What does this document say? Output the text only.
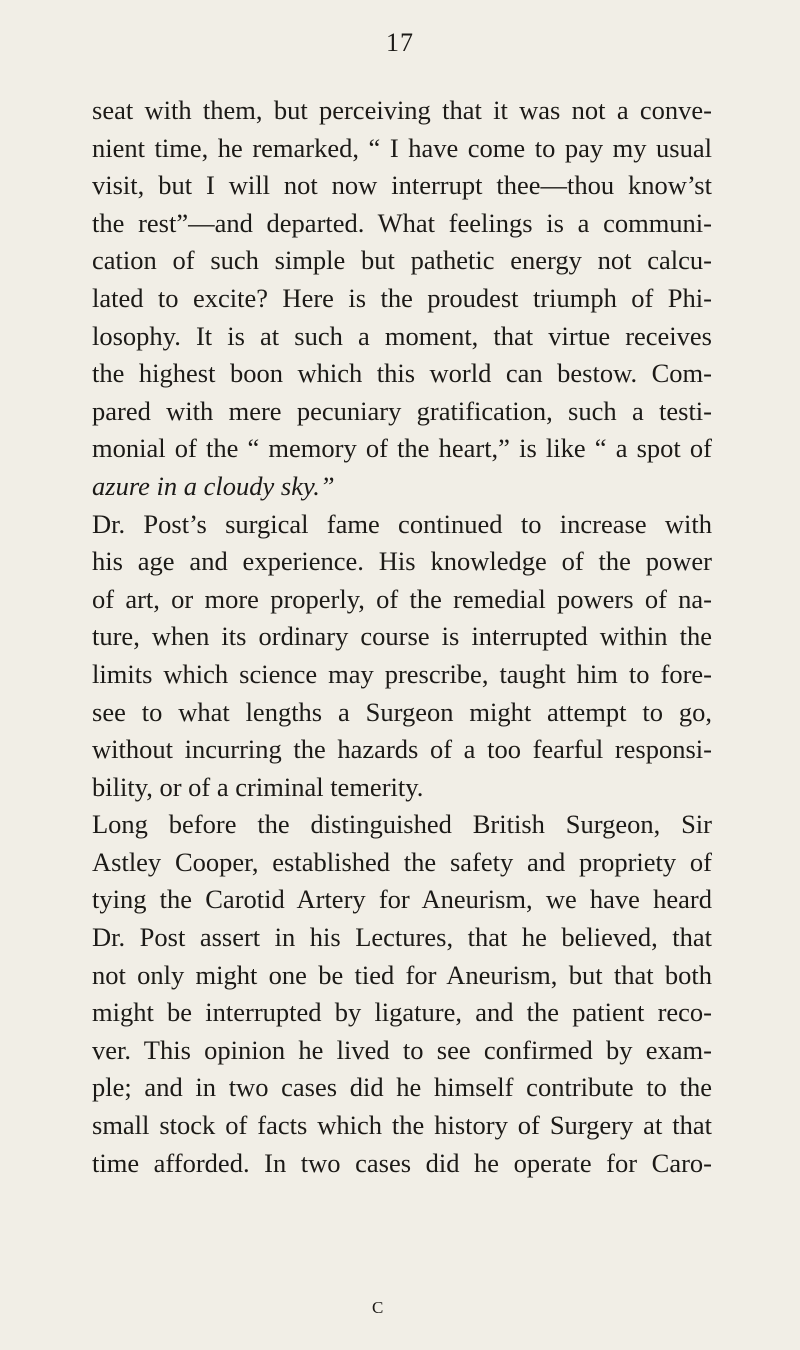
17
seat with them, but perceiving that it was not a conve-
nient time, he remarked, “ I have come to pay my usual
visit, but I will not now interrupt thee—thou know’st
the rest”—and departed. What feelings is a communi-
cation of such simple but pathetic energy not calcu-
lated to excite? Here is the proudest triumph of Phi-
losophy. It is at such a moment, that virtue receives
the highest boon which this world can bestow. Com-
pared with mere pecuniary gratification, such a testi-
monial of the “ memory of the heart,” is like “ a spot of
azure in a cloudy sky.”
Dr. Post’s surgical fame continued to increase with
his age and experience. His knowledge of the power
of art, or more properly, of the remedial powers of na-
ture, when its ordinary course is interrupted within the
limits which science may prescribe, taught him to fore-
see to what lengths a Surgeon might attempt to go,
without incurring the hazards of a too fearful responsi-
bility, or of a criminal temerity.
Long before the distinguished British Surgeon, Sir
Astley Cooper, established the safety and propriety of
tying the Carotid Artery for Aneurism, we have heard
Dr. Post assert in his Lectures, that he believed, that
not only might one be tied for Aneurism, but that both
might be interrupted by ligature, and the patient reco-
ver. This opinion he lived to see confirmed by exam-
ple; and in two cases did he himself contribute to the
small stock of facts which the history of Surgery at that
time afforded. In two cases did he operate for Caro-
C
